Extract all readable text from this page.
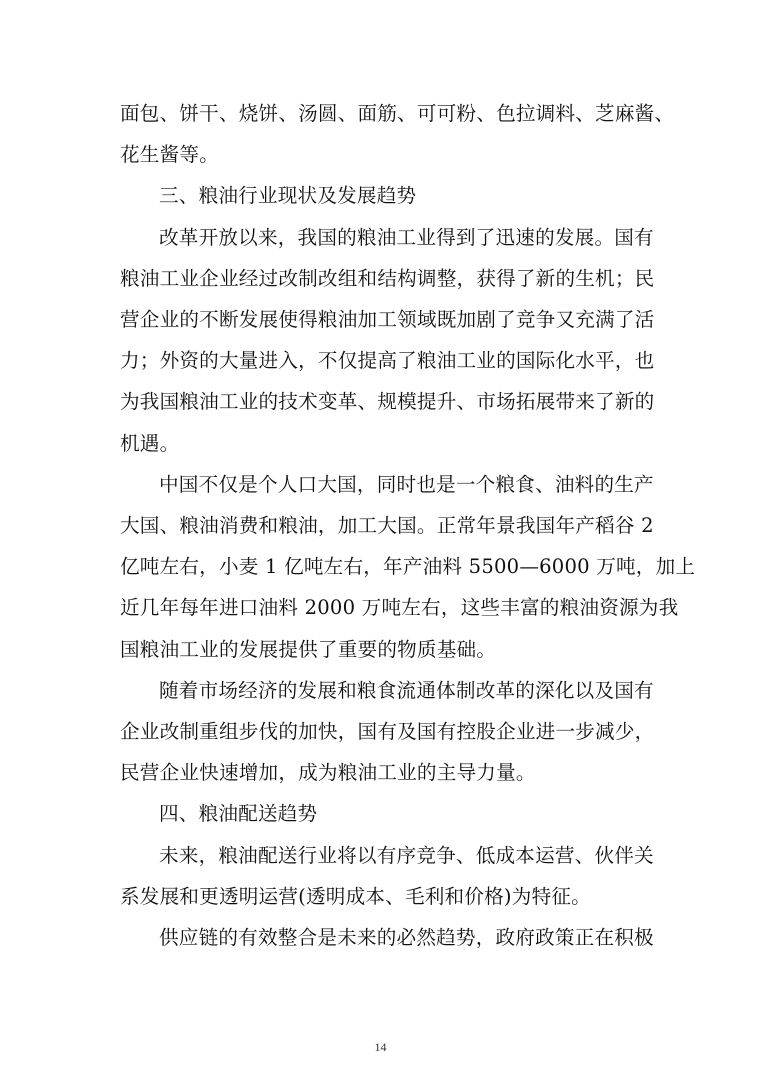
面包、饼干、烧饼、汤圆、面筋、可可粉、色拉调料、芝麻酱、
花生酱等。

三、粮油行业现状及发展趋势

改革开放以来，我国的粮油工业得到了迅速的发展。国有
粮油工业企业经过改制改组和结构调整，获得了新的生机；民
营企业的不断发展使得粮油加工领域既加剧了竞争又充满了活
力；外资的大量进入，不仅提高了粮油工业的国际化水平，也
为我国粮油工业的技术变革、规模提升、市场拓展带来了新的
机遇。

中国不仅是个人口大国，同时也是一个粮食、油料的生产
大国、粮油消费和粮油，加工大国。正常年景我国年产稻谷 2
亿吨左右，小麦 1 亿吨左右，年产油料 5500—6000 万吨，加上
近几年每年进口油料 2000 万吨左右，这些丰富的粮油资源为我
国粮油工业的发展提供了重要的物质基础。

随着市场经济的发展和粮食流通体制改革的深化以及国有
企业改制重组步伐的加快，国有及国有控股企业进一步减少，
民营企业快速增加，成为粮油工业的主导力量。

四、粮油配送趋势

未来，粮油配送行业将以有序竞争、低成本运营、伙伴关
系发展和更透明运营(透明成本、毛利和价格)为特征。

供应链的有效整合是未来的必然趋势，政府政策正在积极

14
